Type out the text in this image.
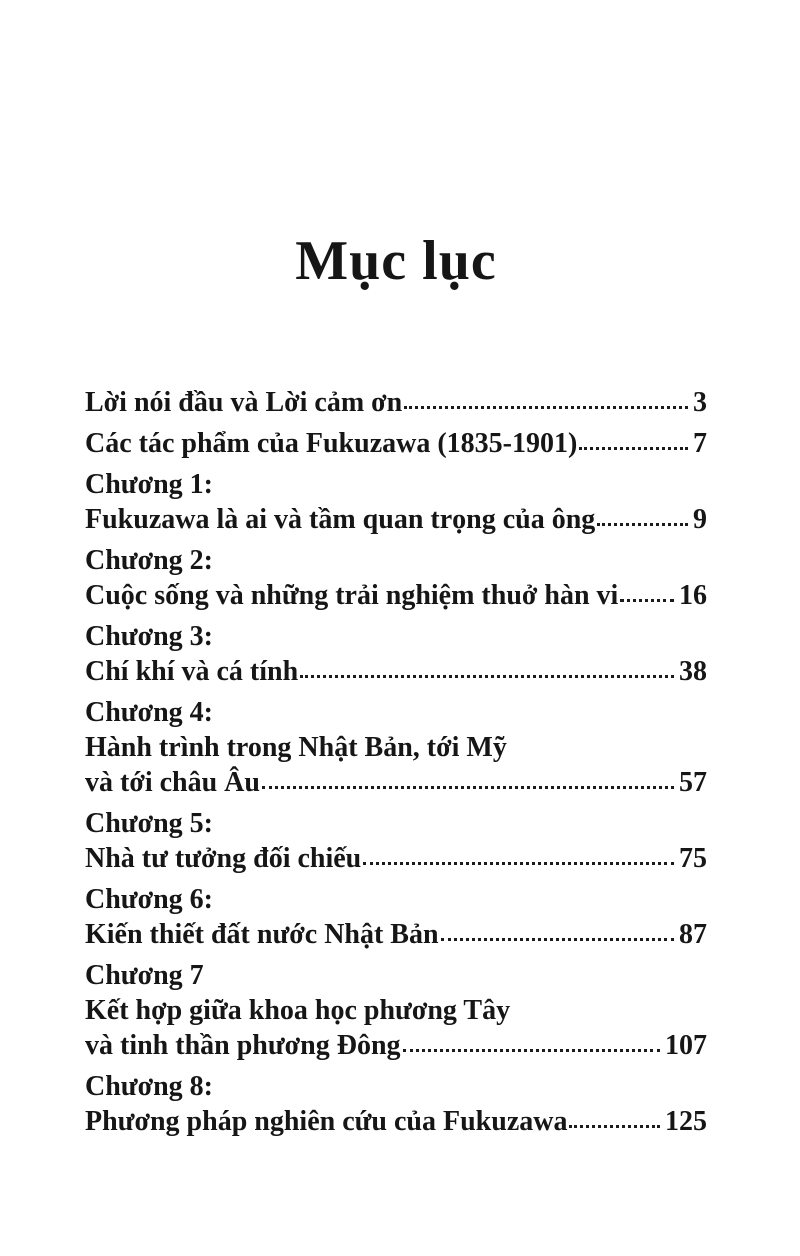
Mục lục
Lời nói đầu và Lời cảm ơn	3
Các tác phẩm của Fukuzawa (1835-1901)	7
Chương 1:
Fukuzawa là ai và tầm quan trọng của ông	9
Chương 2:
Cuộc sống và những trải nghiệm thuở hàn vi 16
Chương 3:
Chí khí và cá tính	38
Chương 4:
Hành trình trong Nhật Bản, tới Mỹ
và tới châu Âu	57
Chương 5:
Nhà tư tưởng đối chiếu	75
Chương 6:
Kiến thiết đất nước Nhật Bản	87
Chương 7
Kết hợp giữa khoa học phương Tây
và tinh thần phương Đông	107
Chương 8:
Phương pháp nghiên cứu của Fukuzawa	125
